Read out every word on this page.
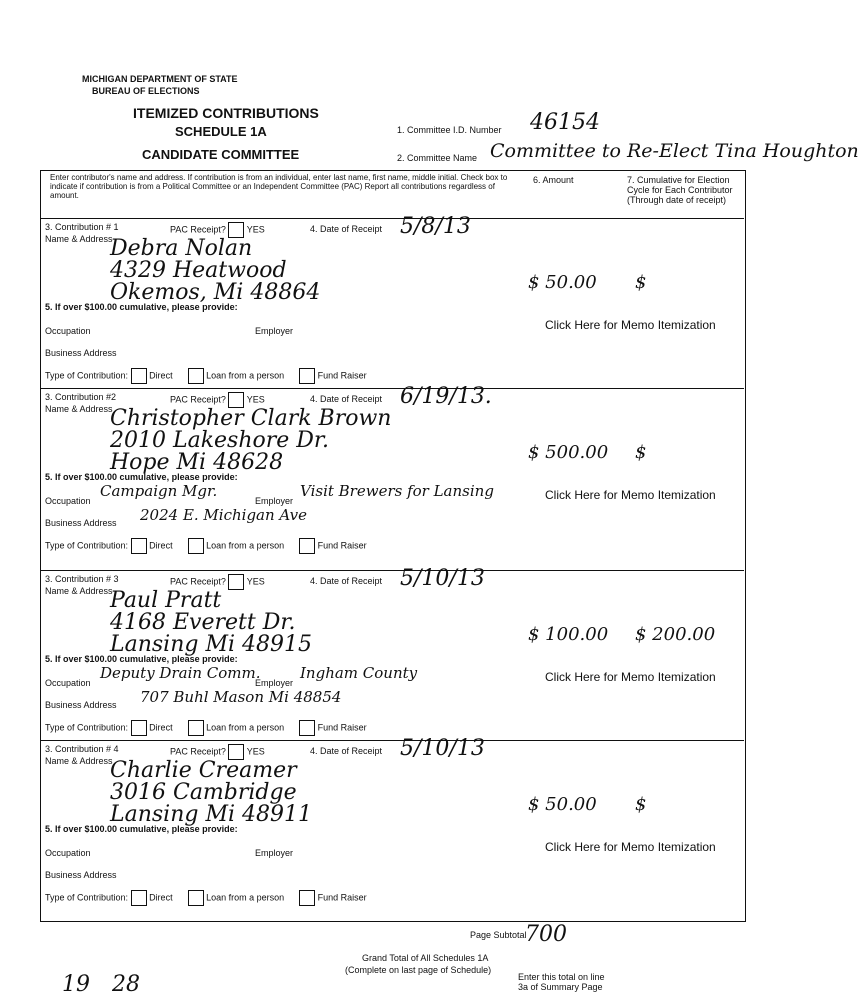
MICHIGAN DEPARTMENT OF STATE
BUREAU OF ELECTIONS
ITEMIZED CONTRIBUTIONS
SCHEDULE 1A
CANDIDATE COMMITTEE
1. Committee I.D. Number 46154
2. Committee Name Committee to Re-Elect Tina Houghton
Enter contributor's name and address. If contribution is from an individual, enter last name, first name, middle initial. Check box to indicate if contribution is from a Political Committee or an Independent Committee (PAC) Report all contributions regardless of amount.
6. Amount	7. Cumulative for Election Cycle for Each Contributor (Through date of receipt)
3. Contribution # 1	PAC Receipt?  YES	4. Date of Receipt 5/8/13
Name & Address
Debra Nolan
4329 Heatwood
Okemos, Mi 48864	$ 50.00 $
Click Here for Memo Itemization
5. If over $100.00 cumulative, please provide:
Occupation	Employer
Business Address
Type of Contribution:  Direct       Loan from a person       Fund Raiser
3. Contribution #2	PAC Receipt?  YES	4. Date of Receipt 6/19/13.
Name & Address
Christopher Clark Brown
2010 Lakeshore Dr.
Hope Mi 48628	$ 500.00 $
Click Here for Memo Itemization
5. If over $100.00 cumulative, please provide:
Occupation
Campaign Mgr.
Employer
Visit Brewers for Lansing
Business Address 2024 E. Michigan Ave
Type of Contribution:  Direct       Loan from a person       Fund Raiser
3. Contribution # 3	PAC Receipt?  YES	4. Date of Receipt 5/10/13
Name & Address
Paul Pratt
4168 Everett Dr.
Lansing Mi 48915	$ 100.00 $ 200.00
Click Here for Memo Itemization
5. If over $100.00 cumulative, please provide:
Occupation
Deputy Drain Comm.
Employer
Ingham County
Business Address 707 Buhl Mason Mi 48854
Type of Contribution:  Direct       Loan from a person       Fund Raiser
3. Contribution # 4	PAC Receipt?  YES	4. Date of Receipt 5/10/13
Name & Address
Charlie Creamer
3016 Cambridge
Lansing Mi 48911	$ 50.00 $
Click Here for Memo Itemization
5. If over $100.00 cumulative, please provide:
Occupation	Employer
Business Address
Type of Contribution:  Direct       Loan from a person       Fund Raiser
Page Subtotal
700
Grand Total of All Schedules 1A
(Complete on last page of Schedule)
Enter this total on line 3a of Summary Page
19 28
